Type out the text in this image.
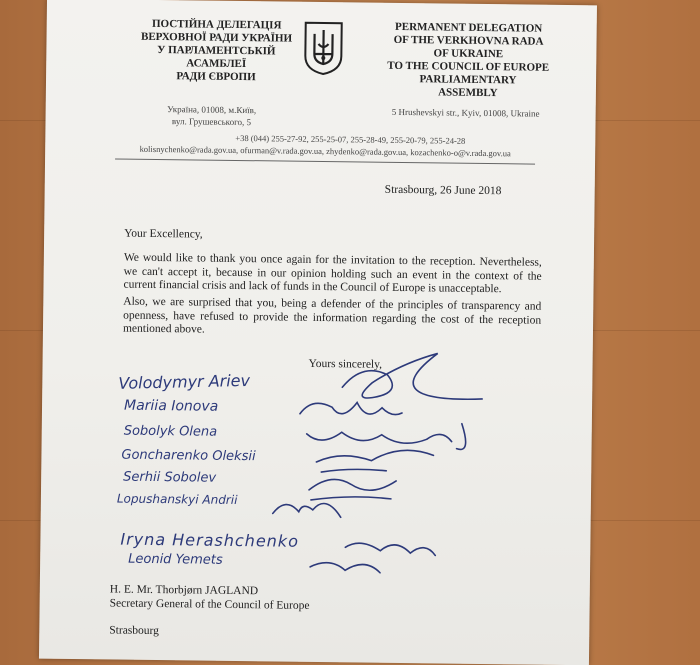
ПОСТІЙНА ДЕЛЕГАЦІЯ
ВЕРХОВНОЇ РАДИ УКРАЇНИ
У ПАРЛАМЕНТСЬКІЙ
АСАМБЛЕЇ
РАДИ ЄВРОПИ
PERMANENT DELEGATION
OF THE VERKHOVNA RADA
OF UKRAINE
TO THE COUNCIL OF EUROPE
PARLIAMENTARY
ASSEMBLY
Україна, 01008, м.Київ,
вул. Грушевського, 5
5 Hrushevskyi str., Kyiv, 01008, Ukraine
+38 (044) 255-27-92, 255-25-07, 255-28-49, 255-20-79, 255-24-28
kolisnychenko@rada.gov.ua, ofurman@v.rada.gov.ua, zhydenko@rada.gov.ua, kozachenko-o@v.rada.gov.ua
Strasbourg, 26 June 2018
Your Excellency,
We would like to thank you once again for the invitation to the reception. Nevertheless, we can't accept it, because in our opinion holding such an event in the context of the current financial crisis and lack of funds in the Council of Europe is unacceptable.
Also, we are surprised that you, being a defender of the principles of transparency and openness, have refused to provide the information regarding the cost of the reception mentioned above.
Yours sincerely,
Volodymyr Ariev
Mariia Ionova
Sobolyk Olena
Goncharenko Oleksii
Serhii Sobolev
Lopushanskyi Andrii
Iryna Herashchenko
Leonid Yemets
H. E. Mr. Thorbjørn JAGLAND
Secretary General of the Council of Europe
Strasbourg
